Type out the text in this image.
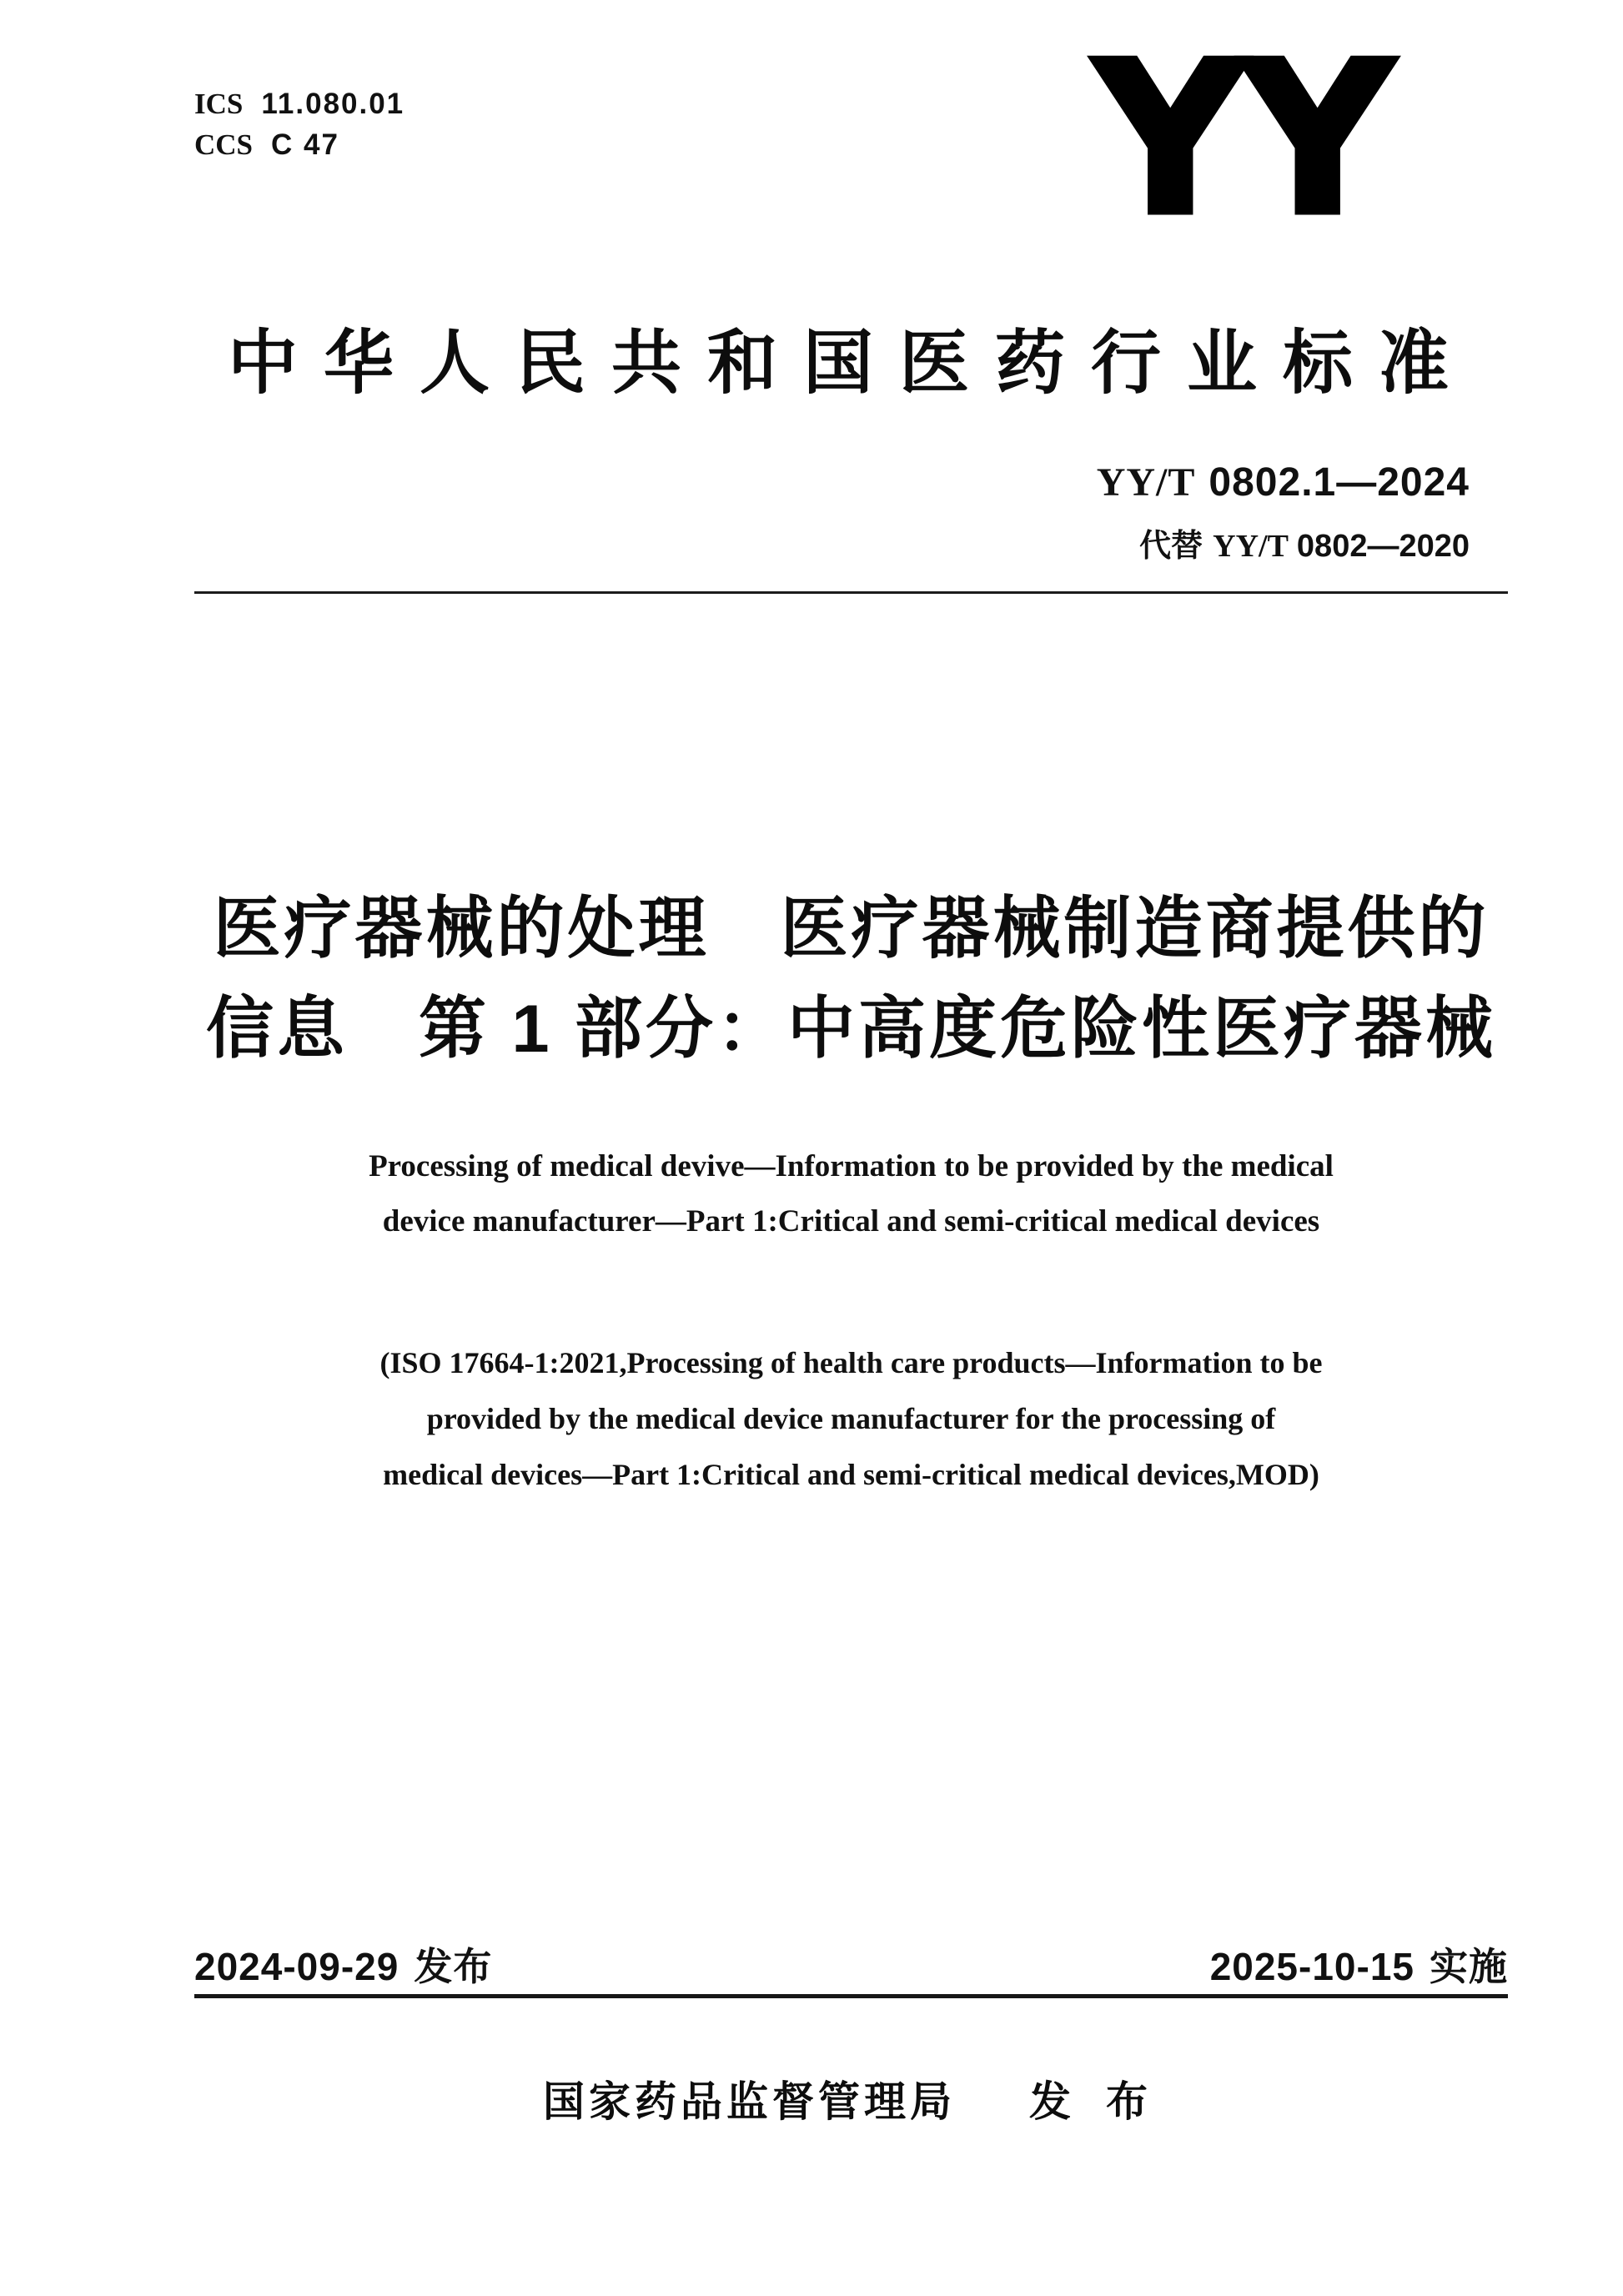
YY
ICS 11.080.01
CCS C 47
中华人民共和国医药行业标准
YY/T 0802.1—2024
代替 YY/T 0802—2020
医疗器械的处理　医疗器械制造商提供的
信息　第 1 部分：中高度危险性医疗器械
Processing of medical devive—Information to be provided by the medical
device manufacturer—Part 1:Critical and semi-critical medical devices
(ISO 17664-1:2021,Processing of health care products—Information to be
provided by the medical device manufacturer for the processing of
medical devices—Part 1:Critical and semi-critical medical devices,MOD)
2024-09-29 发布	2025-10-15 实施
国家药品监督管理局 发 布
